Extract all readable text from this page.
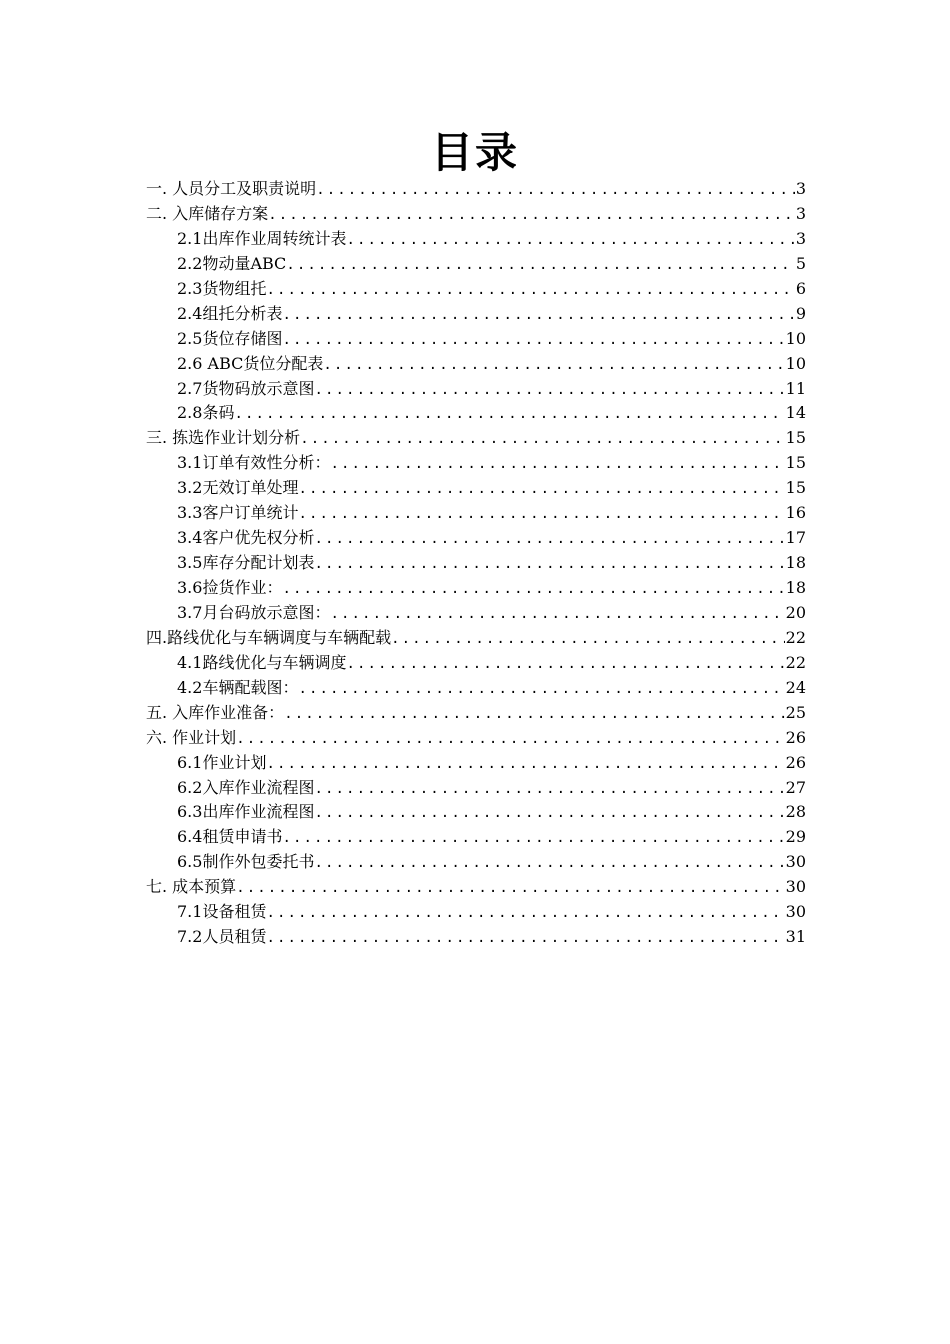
目录
一. 人员分工及职责说明 .....	3
二. 入库储存方案 .....	3
2.1出库作业周转统计表 .....	3
2.2物动量ABC .....	5
2.3货物组托 .....	6
2.4组托分析表 .....	9
2.5货位存储图 .....	10
2.6 ABC货位分配表 .....	10
2.7货物码放示意图 .....	11
2.8条码 .....	14
三. 拣选作业计划分析 .....	15
3.1订单有效性分析： .....	15
3.2无效订单处理 .....	15
3.3客户订单统计 .....	16
3.4客户优先权分析 .....	17
3.5库存分配计划表 .....	18
3.6捡货作业： .....	18
3.7月台码放示意图： .....	20
四.路线优化与车辆调度与车辆配载 .....	22
4.1路线优化与车辆调度 .....	22
4.2车辆配载图： .....	24
五. 入库作业准备： .....	25
六. 作业计划 .....	26
6.1作业计划 .....	26
6.2入库作业流程图 .....	27
6.3出库作业流程图 .....	28
6.4租赁申请书 .....	29
6.5制作外包委托书 .....	30
七. 成本预算 .....	30
7.1设备租赁 .....	30
7.2人员租赁 .....	31
